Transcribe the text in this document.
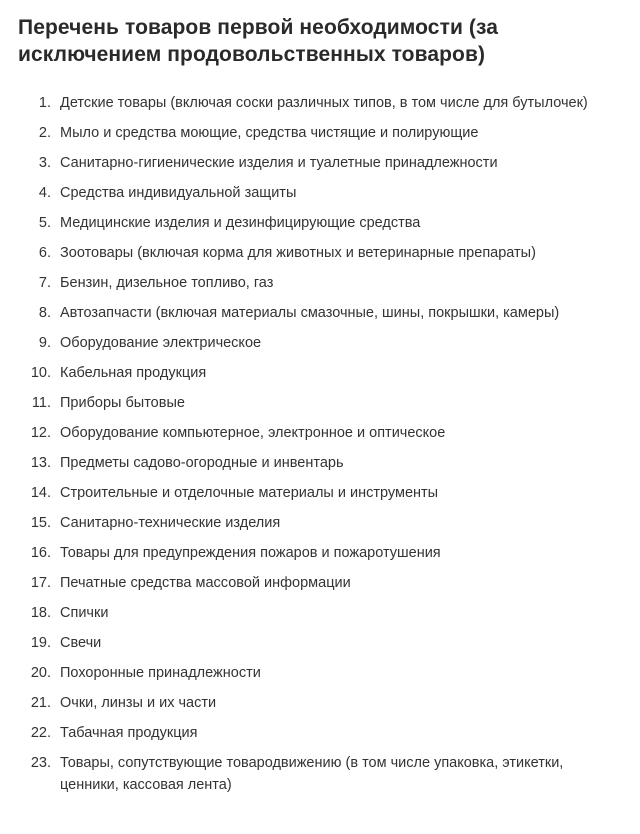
Перечень товаров первой необходимости (за исключением продовольственных товаров)
1. Детские товары (включая соски различных типов, в том числе для бутылочек)
2. Мыло и средства моющие, средства чистящие и полирующие
3. Санитарно-гигиенические изделия и туалетные принадлежности
4. Средства индивидуальной защиты
5. Медицинские изделия и дезинфицирующие средства
6. Зоотовары (включая корма для животных и ветеринарные препараты)
7. Бензин, дизельное топливо, газ
8. Автозапчасти (включая материалы смазочные, шины, покрышки, камеры)
9. Оборудование электрическое
10. Кабельная продукция
11. Приборы бытовые
12. Оборудование компьютерное, электронное и оптическое
13. Предметы садово-огородные и инвентарь
14. Строительные и отделочные материалы и инструменты
15. Санитарно-технические изделия
16. Товары для предупреждения пожаров и пожаротушения
17. Печатные средства массовой информации
18. Спички
19. Свечи
20. Похоронные принадлежности
21. Очки, линзы и их части
22. Табачная продукция
23. Товары, сопутствующие товародвижению (в том числе упаковка, этикетки, ценники, кассовая лента)
